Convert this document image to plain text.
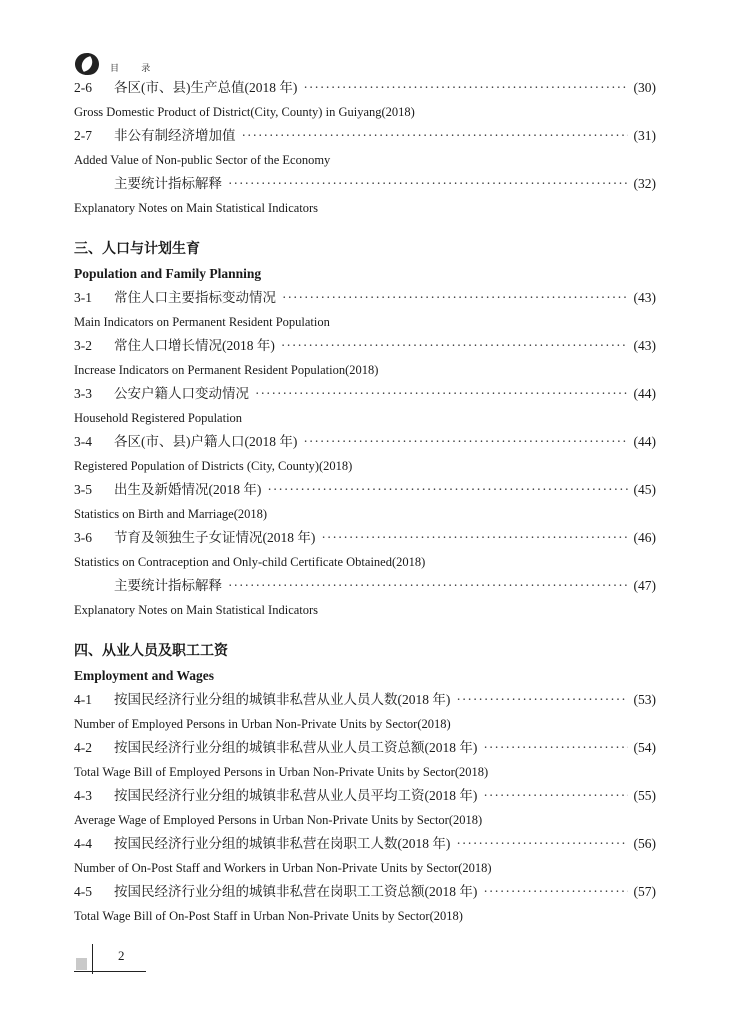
目 录
2-6	各区(市、县)生产总值(2018 年) ·····	(30)
Gross Domestic Product of District(City, County) in Guiyang(2018)
2-7	非公有制经济增加值 ·····	(31)
Added Value of Non-public Sector of the Economy
主要统计指标解释 ·····	(32)
Explanatory Notes on Main Statistical Indicators
三、人口与计划生育
Population and Family Planning
3-1	常住人口主要指标变动情况 ·····	(43)
Main Indicators on Permanent Resident Population
3-2	常住人口增长情况(2018 年) ·····	(43)
Increase Indicators on Permanent Resident Population(2018)
3-3	公安户籍人口变动情况 ·····	(44)
Household Registered Population
3-4	各区(市、县)户籍人口(2018 年) ·····	(44)
Registered Population of Districts (City, County)(2018)
3-5	出生及新婚情况(2018 年) ·····	(45)
Statistics on Birth and Marriage(2018)
3-6	节育及领独生子女证情况(2018 年) ·····	(46)
Statistics on Contraception and Only-child Certificate Obtained(2018)
主要统计指标解释 ·····	(47)
Explanatory Notes on Main Statistical Indicators
四、从业人员及职工工资
Employment and Wages
4-1	按国民经济行业分组的城镇非私营从业人员人数(2018 年) ·····	(53)
Number of Employed Persons in Urban Non-Private Units by Sector(2018)
4-2	按国民经济行业分组的城镇非私营从业人员工资总额(2018 年) ·····	(54)
Total Wage Bill of Employed Persons in Urban Non-Private Units by Sector(2018)
4-3	按国民经济行业分组的城镇非私营从业人员平均工资(2018 年) ·····	(55)
Average Wage of Employed Persons in Urban Non-Private Units by Sector(2018)
4-4	按国民经济行业分组的城镇非私营在岗职工人数(2018 年) ·····	(56)
Number of On-Post Staff and Workers in Urban Non-Private Units by Sector(2018)
4-5	按国民经济行业分组的城镇非私营在岗职工工资总额(2018 年) ·····	(57)
Total Wage Bill of On-Post Staff in Urban Non-Private Units by Sector(2018)
2
